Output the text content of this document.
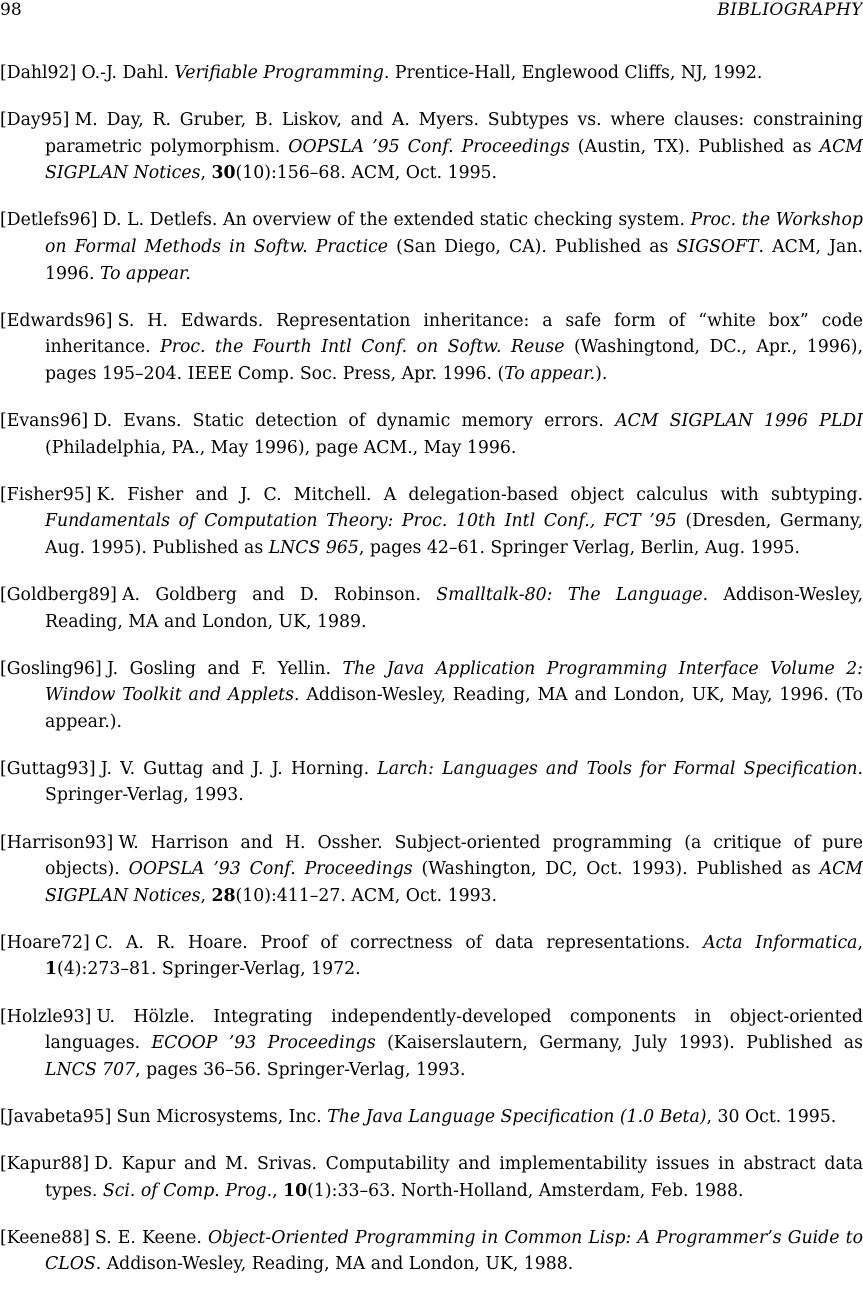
98	BIBLIOGRAPHY

[Dahl92] O.-J. Dahl. Verifiable Programming. Prentice-Hall, Englewood Cliffs, NJ, 1992.

[Day95] M. Day, R. Gruber, B. Liskov, and A. Myers. Subtypes vs. where clauses: constraining parametric polymorphism. OOPSLA ’95 Conf. Proceedings (Austin, TX). Published as ACM SIGPLAN Notices, 30(10):156–68. ACM, Oct. 1995.

[Detlefs96] D. L. Detlefs. An overview of the extended static checking system. Proc. the Workshop on Formal Methods in Softw. Practice (San Diego, CA). Published as SIGSOFT. ACM, Jan. 1996. To appear.

[Edwards96] S. H. Edwards. Representation inheritance: a safe form of “white box” code inheritance. Proc. the Fourth Intl Conf. on Softw. Reuse (Washingtond, DC., Apr., 1996), pages 195–204. IEEE Comp. Soc. Press, Apr. 1996. (To appear.).

[Evans96] D. Evans. Static detection of dynamic memory errors. ACM SIGPLAN 1996 PLDI (Philadelphia, PA., May 1996), page ACM., May 1996.

[Fisher95] K. Fisher and J. C. Mitchell. A delegation-based object calculus with subtyping. Fundamentals of Computation Theory: Proc. 10th Intl Conf., FCT ’95 (Dresden, Germany, Aug. 1995). Published as LNCS 965, pages 42–61. Springer Verlag, Berlin, Aug. 1995.

[Goldberg89] A. Goldberg and D. Robinson. Smalltalk-80: The Language. Addison-Wesley, Reading, MA and London, UK, 1989.

[Gosling96] J. Gosling and F. Yellin. The Java Application Programming Interface Volume 2: Window Toolkit and Applets. Addison-Wesley, Reading, MA and London, UK, May, 1996. (To appear.).

[Guttag93] J. V. Guttag and J. J. Horning. Larch: Languages and Tools for Formal Specification. Springer-Verlag, 1993.

[Harrison93] W. Harrison and H. Ossher. Subject-oriented programming (a critique of pure objects). OOPSLA ’93 Conf. Proceedings (Washington, DC, Oct. 1993). Published as ACM SIGPLAN Notices, 28(10):411–27. ACM, Oct. 1993.

[Hoare72] C. A. R. Hoare. Proof of correctness of data representations. Acta Informatica, 1(4):273–81. Springer-Verlag, 1972.

[Holzle93] U. Hölzle. Integrating independently-developed components in object-oriented languages. ECOOP ’93 Proceedings (Kaiserslautern, Germany, July 1993). Published as LNCS 707, pages 36–56. Springer-Verlag, 1993.

[Javabeta95] Sun Microsystems, Inc. The Java Language Specification (1.0 Beta), 30 Oct. 1995.

[Kapur88] D. Kapur and M. Srivas. Computability and implementability issues in abstract data types. Sci. of Comp. Prog., 10(1):33–63. North-Holland, Amsterdam, Feb. 1988.

[Keene88] S. E. Keene. Object-Oriented Programming in Common Lisp: A Programmer’s Guide to CLOS. Addison-Wesley, Reading, MA and London, UK, 1988.
